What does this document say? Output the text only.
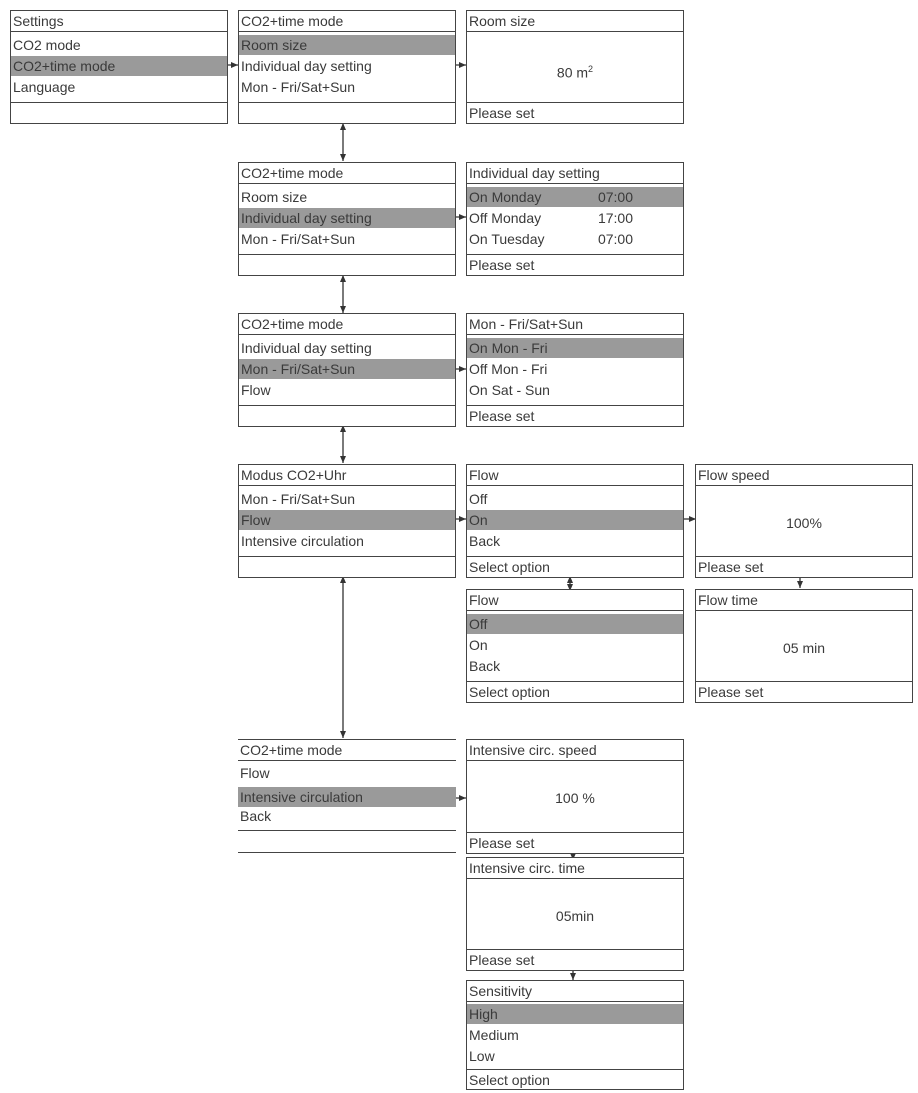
Settings
CO2 mode
CO2+time mode
Language
CO2+time mode
Room size
Individual day setting
Mon - Fri/Sat+Sun
Room size
80 $m^2$
Please set
CO2+time mode
Room size
Individual day setting
Mon - Fri/Sat+Sun
Individual day setting
On Monday	07:00
Off Monday	17:00
On Tuesday	07:00
Please set
CO2+time mode
Individual day setting
Mon - Fri/Sat+Sun
Flow
Mon - Fri/Sat+Sun
On Mon - Fri
Off Mon - Fri
On Sat - Sun
Please set
Modus CO2+Uhr
Mon - Fri/Sat+Sun
Flow
Intensive circulation
Flow
Off
On
Back
Select option
Flow speed
100%
Please set
Flow
Off
On
Back
Select option
Flow time
05 min
Please set
CO2+time mode
Flow
Intensive circulation
Back
Intensive circ. speed
100 %
Please set
Intensive circ. time
05min
Please set
Sensitivity
High
Medium
Low
Select option
